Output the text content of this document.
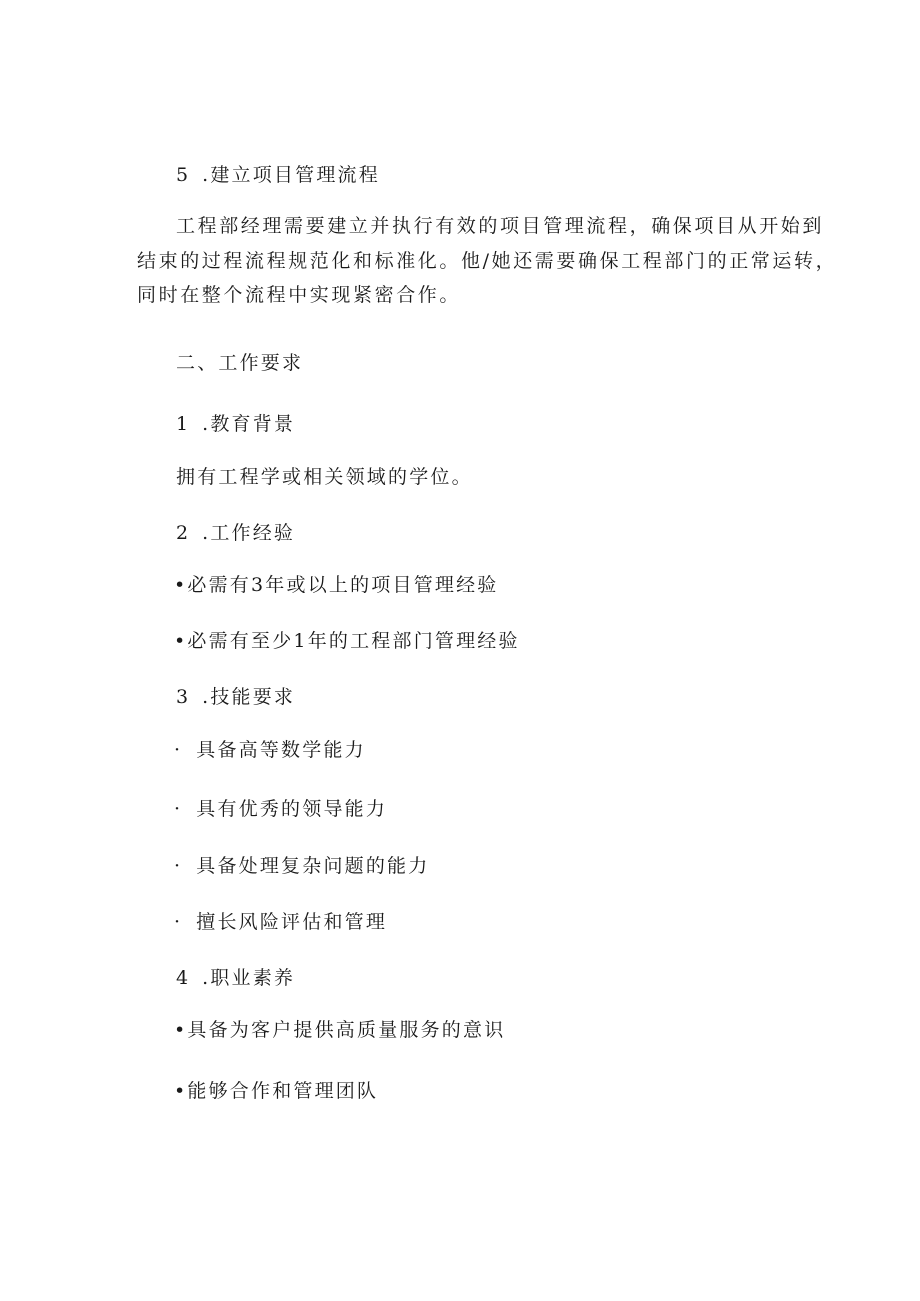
5 .建立项目管理流程
工程部经理需要建立并执行有效的项目管理流程，确保项目从开始到
结束的过程流程规范化和标准化。他/她还需要确保工程部门的正常运转，
同时在整个流程中实现紧密合作。
二、工作要求
1 .教育背景
拥有工程学或相关领域的学位。
2 .工作经验
•必需有3年或以上的项目管理经验
•必需有至少1年的工程部门管理经验
3 .技能要求
· 具备高等数学能力
· 具有优秀的领导能力
· 具备处理复杂问题的能力
· 擅长风险评估和管理
4 .职业素养
•具备为客户提供高质量服务的意识
•能够合作和管理团队
